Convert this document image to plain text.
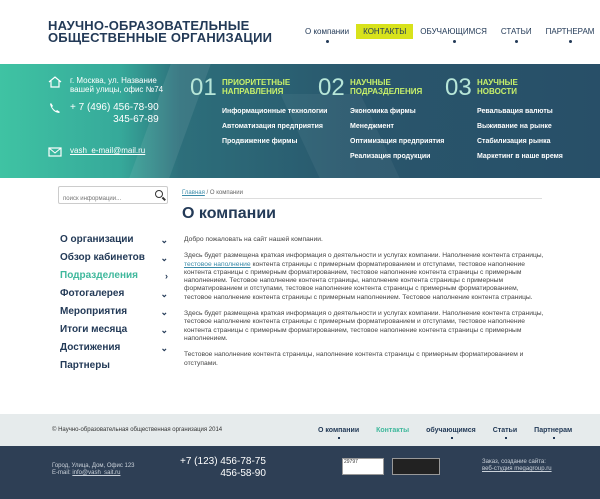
НАУЧНО-ОБРАЗОВАТЕЛЬНЫЕ
ОБЩЕСТВЕННЫЕ ОРГАНИЗАЦИИ	О компании	КОНТАКТЫ	ОБУЧАЮЩИМСЯ	СТАТЬИ	ПАРТНЕРАМ
г. Москва, ул. Название вашей улицы, офис №74
+ 7 (496) 456-78-90
345-67-89
vash_e-mail@mail.ru
01 ПРИОРИТЕТНЫЕ
НАПРАВЛЕНИЯ
Информационные технологии
Автоматизация предприятия
Продвижение фирмы
02 НАУЧНЫЕ
ПОДРАЗДЕЛЕНИЯ
Экономика фирмы
Менеджмент
Оптимизация предприятия
Реализация продукции
03 НАУЧНЫЕ
НОВОСТИ
Ревальвация валюты
Выживание на рынке
Стабилизация рынка
Маркетинг в наше время
поиск информации...
О организации	⌄
Обзор кабинетов ⌄
Подразделения	›
Фотогалерея	⌄
Мероприятия	⌄
Итоги месяца	⌄
Достижения	⌄
Партнеры
Главная / О компании
О компании

Добро пожаловать на сайт нашей компании.

Здесь будет размещена краткая информация о деятельности и услугах компании. Наполнение контента страницы, тестовое наполнение контента страницы с примерным форматированием и отступами, тестовое наполнение контента страницы с примерным форматированием, тестовое наполнение контента страницы с примерным наполнением. Тестовое наполнение контента страницы, наполнение контента страницы с примерным форматированием и отступами, тестовое наполнение контента страницы с примерным форматированием, тестовое наполнение контента страницы с примерным наполнением. Тестовое наполнение контента страницы.

Здесь будет размещена краткая информация о деятельности и услугах компании. Наполнение контента страницы, тестовое наполнение контента страницы с примерным форматированием и отступами, тестовое наполнение контента страницы с примерным форматированием, тестовое наполнение контента страницы с примерным наполнением.

Тестовое наполнение контента страницы, наполнение контента страницы с примерным форматированием и отступами.

© Научно-образовательная общественная организация 2014	О компании Контакты обучающимся Статьи Партнерам
Город, Улица, Дом, Офис 123
E-mail: info@vash_sait.ru
+7 (123) 456-78-75
456-58-90
29797	Заказ, создание сайта:
веб-студия megagroup.ru
